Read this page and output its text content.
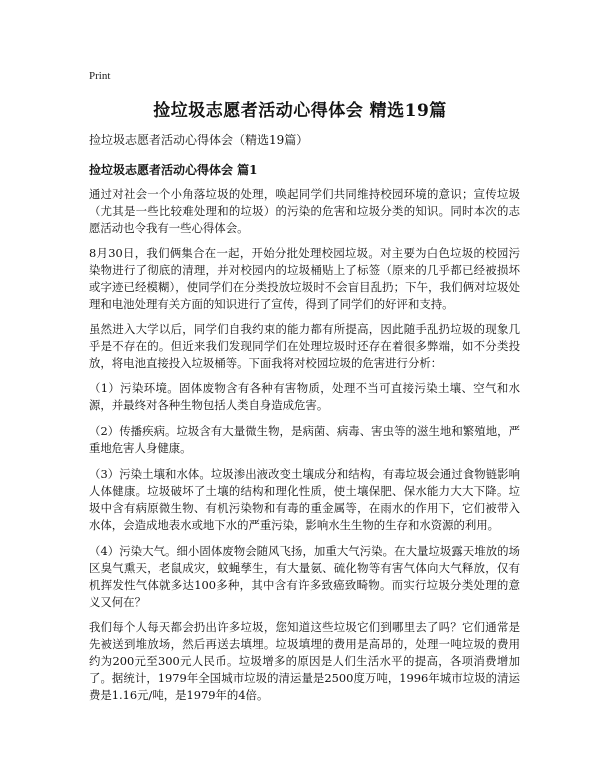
Print
捡垃圾志愿者活动心得体会 精选19篇
捡垃圾志愿者活动心得体会（精选19篇）
捡垃圾志愿者活动心得体会 篇1

通过对社会一个小角落垃圾的处理，唤起同学们共同维持校园环境的意识；宣传垃圾（尤其是一些比较难处理和的垃圾）的污染的危害和垃圾分类的知识。同时本次的志愿活动也令我有一些心得体会。

8月30日，我们俩集合在一起，开始分批处理校园垃圾。对主要为白色垃圾的校园污染物进行了彻底的清理，并对校园内的垃圾桶贴上了标签（原来的几乎都已经被损坏或字迹已经模糊），使同学们在分类投放垃圾时不会盲目乱扔；下午，我们俩对垃圾处理和电池处理有关方面的知识进行了宣传，得到了同学们的好评和支持。

虽然进入大学以后，同学们自我约束的能力都有所提高，因此随手乱扔垃圾的现象几乎是不存在的。但近来我们发现同学们在处理垃圾时还存在着很多弊端，如不分类投放，将电池直接投入垃圾桶等。下面我将对校园垃圾的危害进行分析：

（1）污染环境。固体废物含有各种有害物质，处理不当可直接污染土壤、空气和水源，并最终对各种生物包括人类自身造成危害。

（2）传播疾病。垃圾含有大量微生物，是病菌、病毒、害虫等的滋生地和繁殖地，严重地危害人身健康。

（3）污染土壤和水体。垃圾渗出液改变土壤成分和结构，有毒垃圾会通过食物链影响人体健康。垃圾破坏了土壤的结构和理化性质，使土壤保肥、保水能力大大下降。垃圾中含有病原微生物、有机污染物和有毒的重金属等，在雨水的作用下，它们被带入水体，会造成地表水或地下水的严重污染，影响水生生物的生存和水资源的利用。

（4）污染大气。细小固体废物会随风飞扬，加重大气污染。在大量垃圾露天堆放的场区臭气熏天，老鼠成灾，蚊蝇孳生，有大量氨、硫化物等有害气体向大气释放，仅有机挥发性气体就多达100多种，其中含有许多致癌致畸物。而实行垃圾分类处理的意义又何在？

我们每个人每天都会扔出许多垃圾，您知道这些垃圾它们到哪里去了吗？它们通常是先被送到堆放场，然后再送去填埋。垃圾填埋的费用是高昂的，处理一吨垃圾的费用约为200元至300元人民币。垃圾增多的原因是人们生活水平的提高，各项消费增加了。据统计，1979年全国城市垃圾的清运量是2500度万吨，1996年城市垃圾的清运费是1.16元/吨，是1979年的4倍。
